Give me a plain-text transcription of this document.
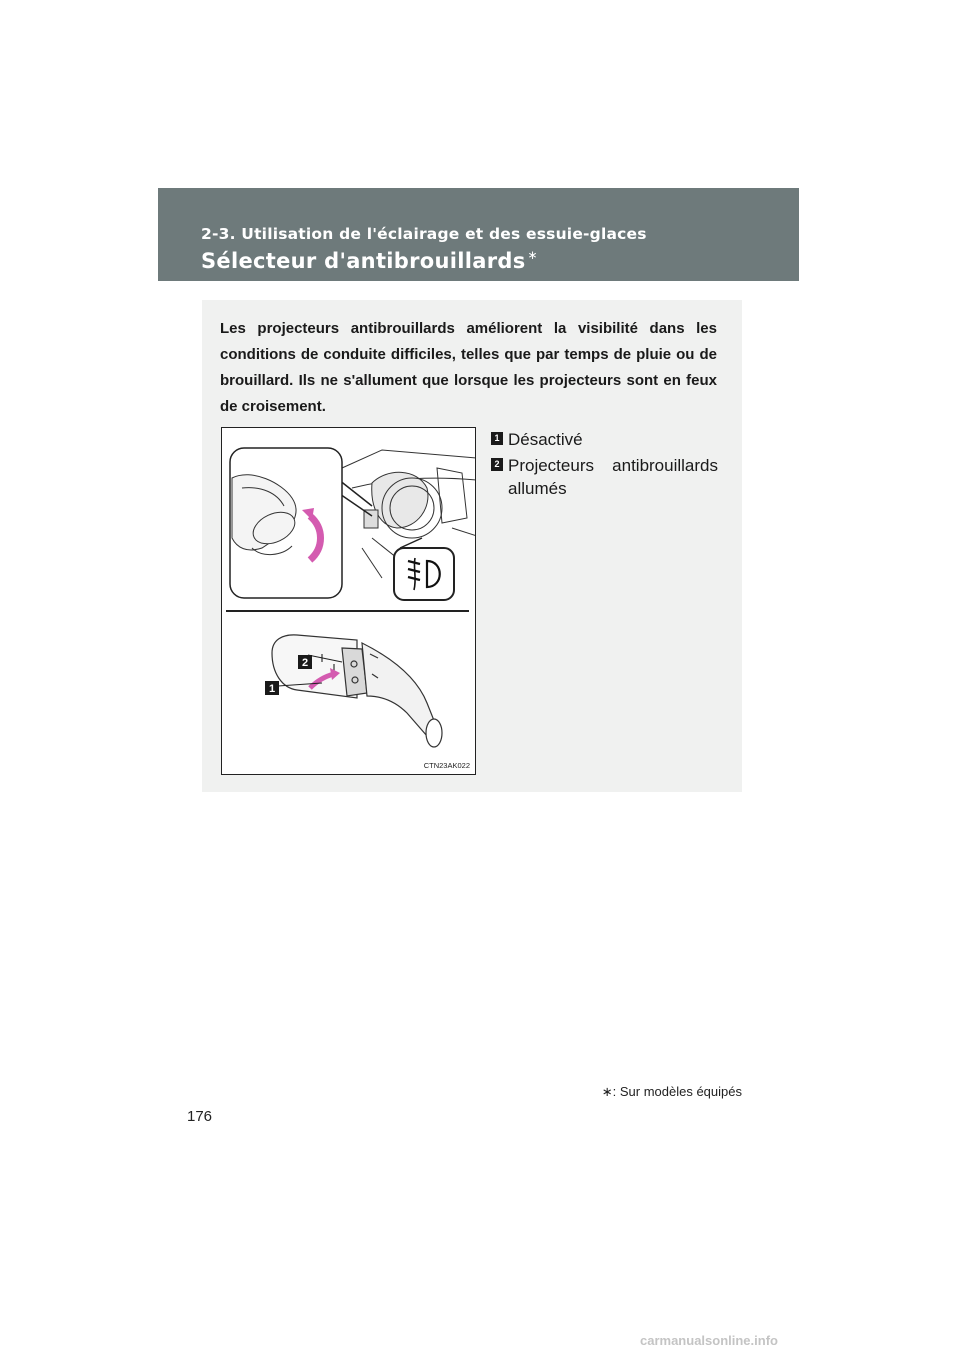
2-3. Utilisation de l'éclairage et des essuie-glaces
Sélecteur d'antibrouillards ∗

Les projecteurs antibrouillards améliorent la visibilité dans les conditions de conduite difficiles, telles que par temps de pluie ou de brouillard. Ils ne s'allument que lorsque les projecteurs sont en feux de croisement.

2
1
CTN23AK022
1 Désactivé
2 Projecteurs antibrouillards
allumés
∗: Sur modèles équipés
176
carmanualsonline.info
